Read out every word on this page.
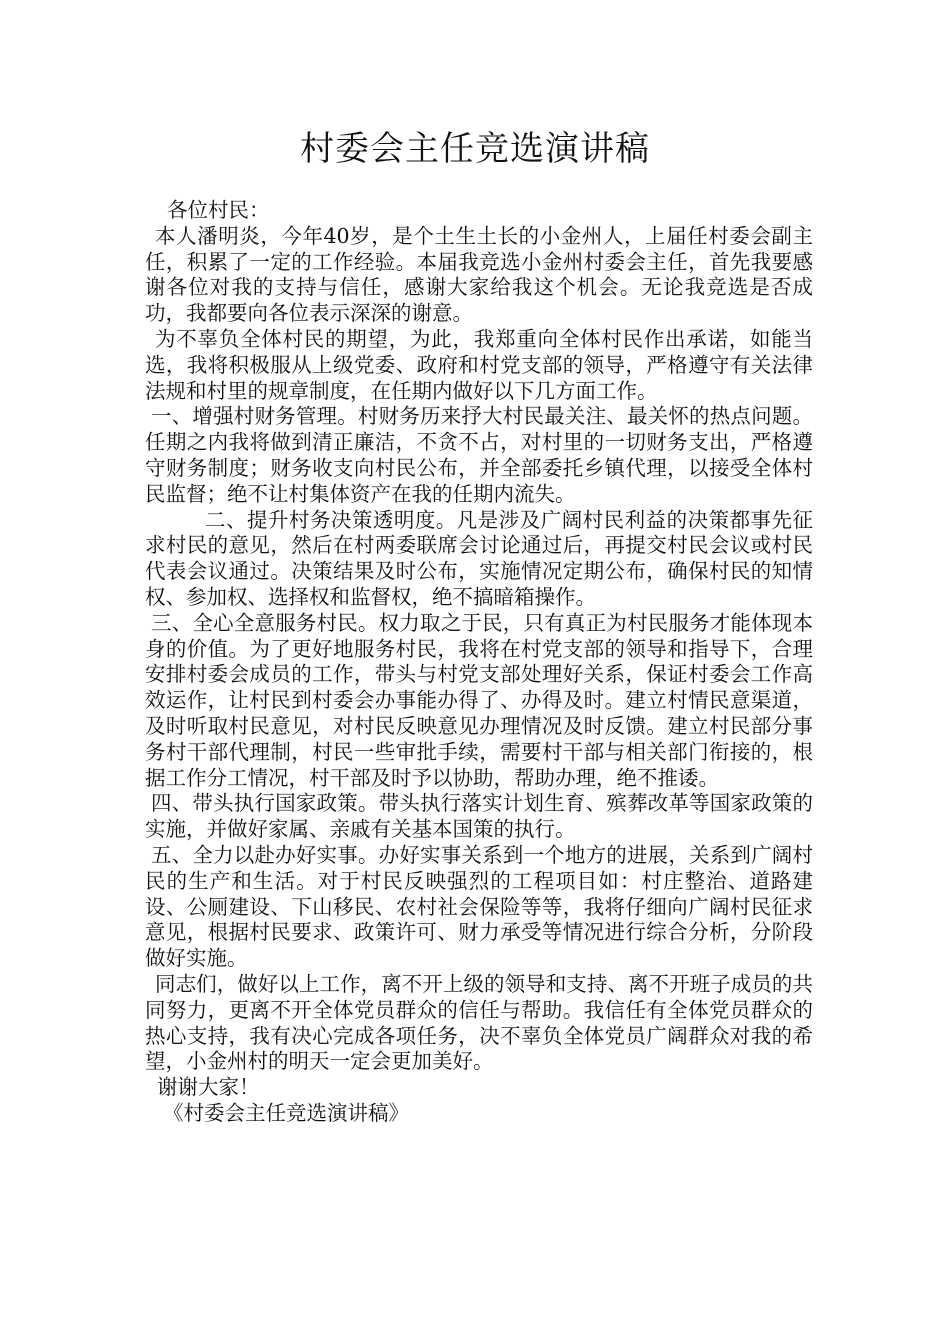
村委会主任竞选演讲稿

各位村民：

本人潘明炎，今年40岁，是个土生土长的小金州人，上届任村委会副主任，积累了一定的工作经验。本届我竞选小金州村委会主任，首先我要感谢各位对我的支持与信任，感谢大家给我这个机会。无论我竞选是否成功，我都要向各位表示深深的谢意。

为不辜负全体村民的期望，为此，我郑重向全体村民作出承诺，如能当选，我将积极服从上级党委、政府和村党支部的领导，严格遵守有关法律法规和村里的规章制度，在任期内做好以下几方面工作。

一、增强村财务管理。村财务历来抒大村民最关注、最关怀的热点问题。任期之内我将做到清正廉洁，不贪不占，对村里的一切财务支出，严格遵守财务制度；财务收支向村民公布，并全部委托乡镇代理，以接受全体村民监督；绝不让村集体资产在我的任期内流失。

二、提升村务决策透明度。凡是涉及广阔村民利益的决策都事先征求村民的意见，然后在村两委联席会讨论通过后，再提交村民会议或村民代表会议通过。决策结果及时公布，实施情况定期公布，确保村民的知情权、参加权、选择权和监督权，绝不搞暗箱操作。

三、全心全意服务村民。权力取之于民，只有真正为村民服务才能体现本身的价值。为了更好地服务村民，我将在村党支部的领导和指导下，合理安排村委会成员的工作，带头与村党支部处理好关系，保证村委会工作高效运作，让村民到村委会办事能办得了、办得及时。建立村情民意渠道，及时听取村民意见，对村民反映意见办理情况及时反馈。建立村民部分事务村干部代理制，村民一些审批手续，需要村干部与相关部门衔接的，根据工作分工情况，村干部及时予以协助，帮助办理，绝不推诿。

四、带头执行国家政策。带头执行落实计划生育、殡葬改革等国家政策的实施，并做好家属、亲戚有关基本国策的执行。

五、全力以赴办好实事。办好实事关系到一个地方的进展，关系到广阔村民的生产和生活。对于村民反映强烈的工程项目如：村庄整治、道路建设、公厕建设、下山移民、农村社会保险等等，我将仔细向广阔村民征求意见，根据村民要求、政策许可、财力承受等情况进行综合分析，分阶段做好实施。

同志们，做好以上工作，离不开上级的领导和支持、离不开班子成员的共同努力，更离不开全体党员群众的信任与帮助。我信任有全体党员群众的热心支持，我有决心完成各项任务，决不辜负全体党员广阔群众对我的希望，小金州村的明天一定会更加美好。

谢谢大家！

《村委会主任竞选演讲稿》
